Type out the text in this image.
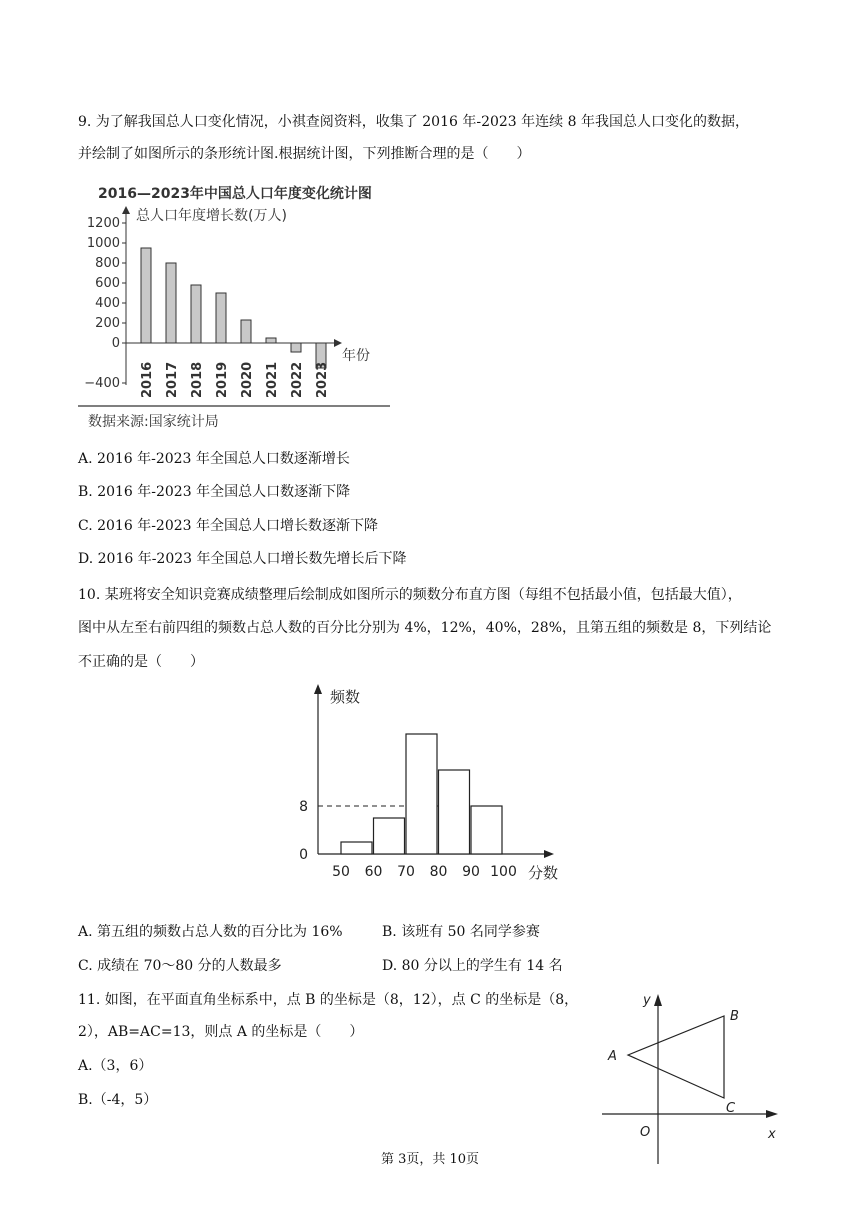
9. 为了解我国总人口变化情况，小祺查阅资料，收集了 2016 年-2023 年连续 8 年我国总人口变化的数据，
并绘制了如图所示的条形统计图.根据统计图，下列推断合理的是（　　）
2016—2023年中国总人口年度变化统计图
总人口年度增长数(万人)
1200
1000
800
600
400
200
0
−400
年份
2016 2017 2018 2019 2020 2021 2022 2023
数据来源:国家统计局
A. 2016 年-2023 年全国总人口数逐渐增长
B. 2016 年-2023 年全国总人口数逐渐下降
C. 2016 年-2023 年全国总人口增长数逐渐下降
D. 2016 年-2023 年全国总人口增长数先增长后下降
10. 某班将安全知识竞赛成绩整理后绘制成如图所示的频数分布直方图（每组不包括最小值，包括最大值），
图中从左至右前四组的频数占总人数的百分比分别为 4%，12%，40%，28%，且第五组的频数是 8，下列结论
不正确的是（　　）
频数
分数
8
0
50 60 70 80 90 100
A. 第五组的频数占总人数的百分比为 16%	B. 该班有 50 名同学参赛
C. 成绩在 70～80 分的人数最多	D. 80 分以上的学生有 14 名
11. 如图，在平面直角坐标系中，点 B 的坐标是（8，12），点 C 的坐标是（8，
2），AB=AC=13，则点 A 的坐标是（　　）
A.（3，6）
B.（-4，5）
y
x
O
A
B
C
第 3页，共 10页
